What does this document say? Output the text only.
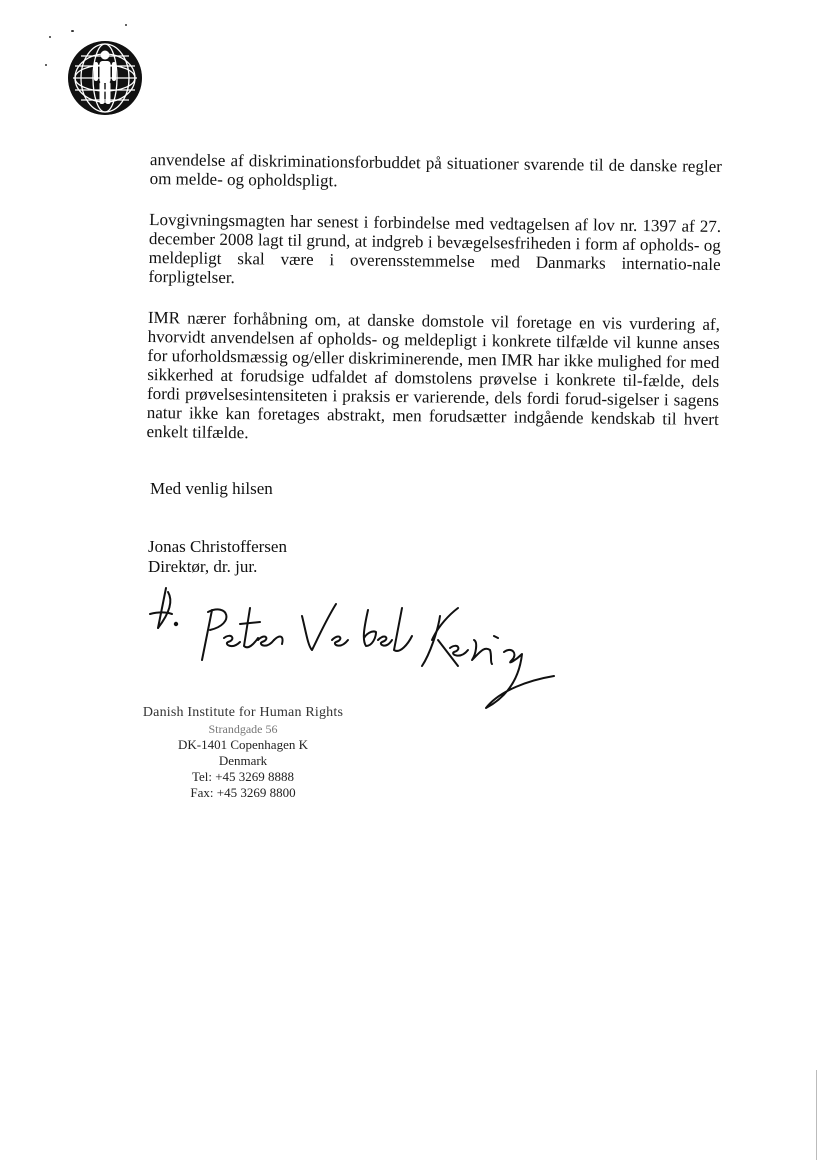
anvendelse af diskriminationsforbuddet på situationer svarende til de danske regler om melde- og opholdspligt.

Lovgivningsmagten har senest i forbindelse med vedtagelsen af lov nr. 1397 af 27. december 2008 lagt til grund, at indgreb i bevægelsesfriheden i form af opholds- og meldepligt skal være i overensstemmelse med Danmarks internatio-nale forpligtelser.

IMR nærer forhåbning om, at danske domstole vil foretage en vis vurdering af, hvorvidt anvendelsen af opholds- og meldepligt i konkrete tilfælde vil kunne anses for uforholdsmæssig og/eller diskriminerende, men IMR har ikke mulighed for med sikkerhed at forudsige udfaldet af domstolens prøvelse i konkrete til-fælde, dels fordi prøvelsesintensiteten i praksis er varierende, dels fordi forud-sigelser i sagens natur ikke kan foretages abstrakt, men forudsætter indgående kendskab til hvert enkelt tilfælde.

Med venlig hilsen
Jonas Christoffersen
Direktør, dr. jur.
Danish Institute for Human Rights
Strandgade 56
DK-1401 Copenhagen K
Denmark
Tel: +45 3269 8888
Fax: +45 3269 8800
